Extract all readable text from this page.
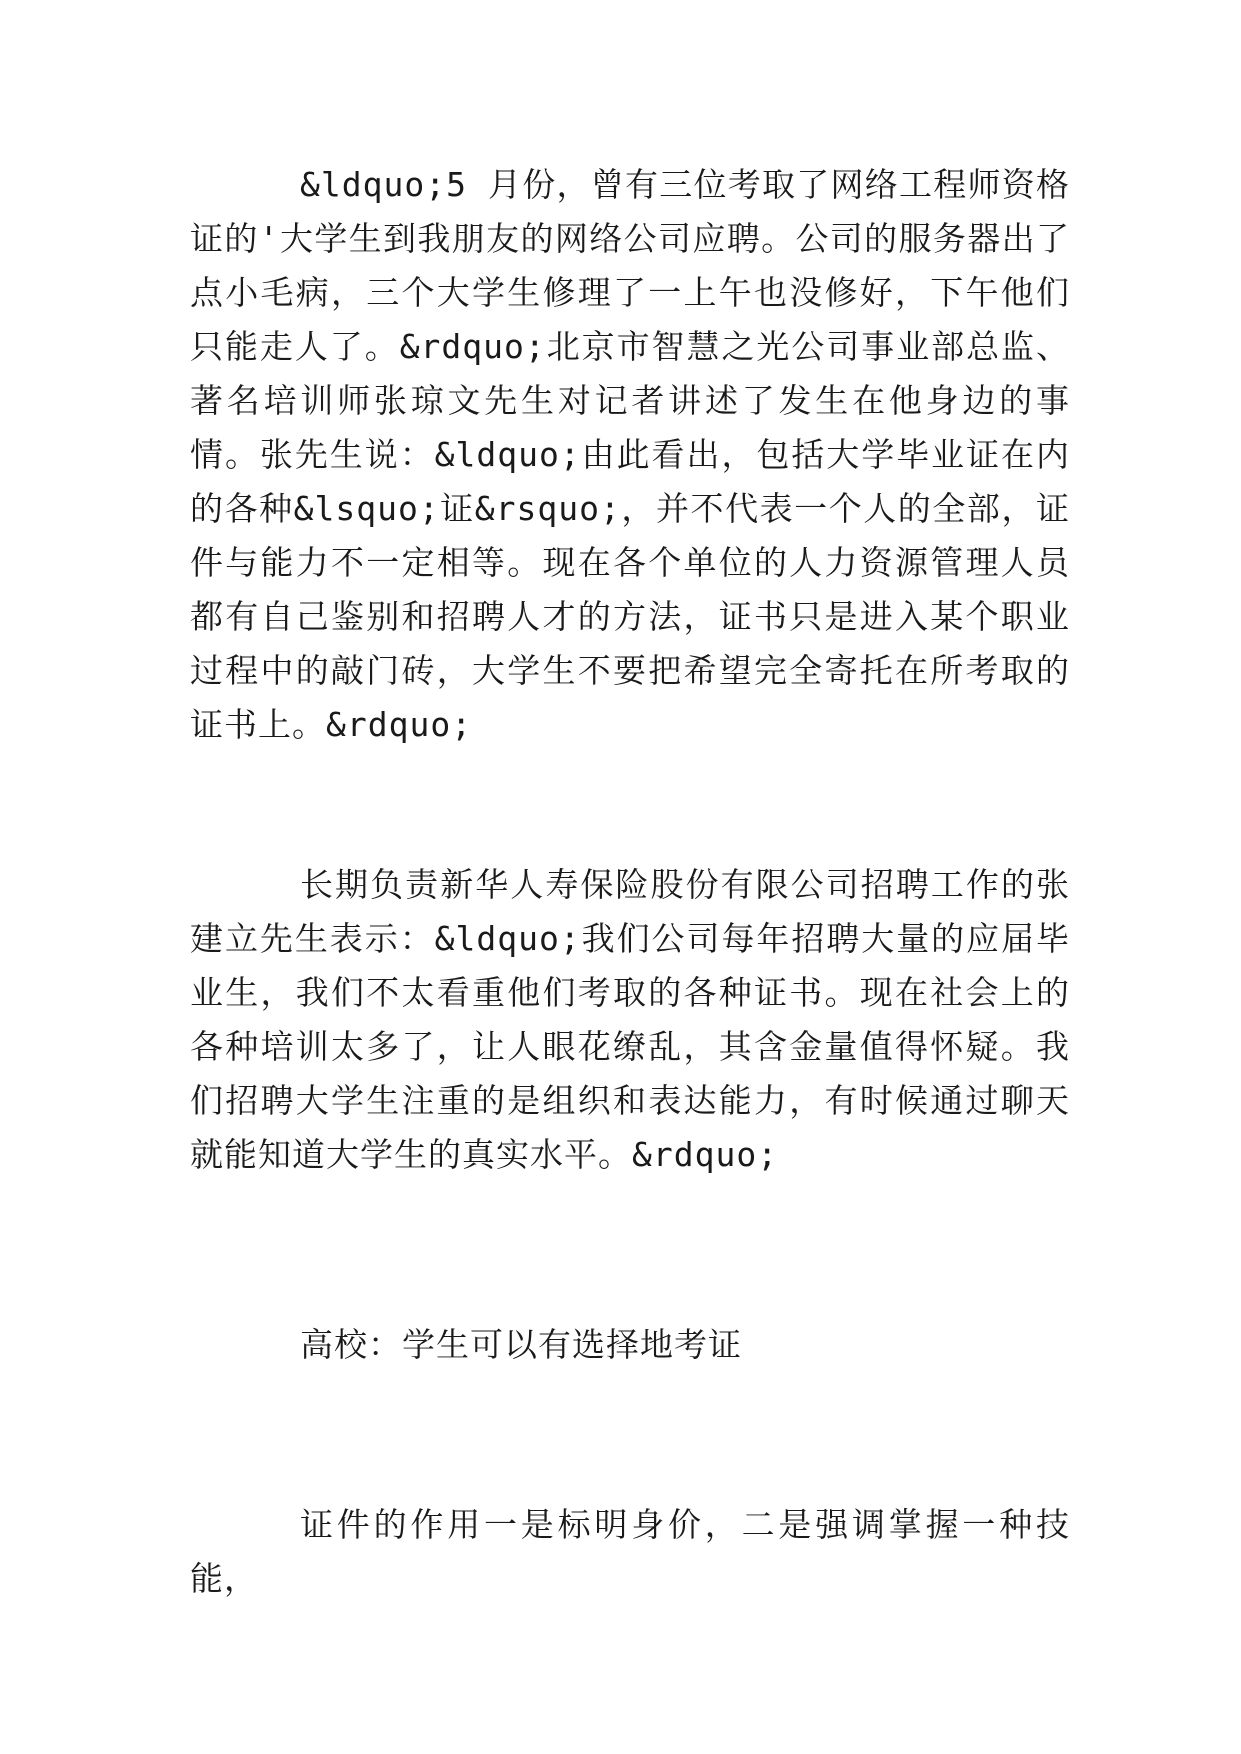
&ldquo;5 月份，曾有三位考取了网络工程师资格证的'大学生到我朋友的网络公司应聘。公司的服务器出了点小毛病，三个大学生修理了一上午也没修好，下午他们只能走人了。&rdquo;北京市智慧之光公司事业部总监、著名培训师张琼文先生对记者讲述了发生在他身边的事情。张先生说：&ldquo;由此看出，包括大学毕业证在内的各种&lsquo;证&rsquo;，并不代表一个人的全部，证件与能力不一定相等。现在各个单位的人力资源管理人员都有自己鉴别和招聘人才的方法，证书只是进入某个职业过程中的敲门砖，大学生不要把希望完全寄托在所考取的证书上。&rdquo;

长期负责新华人寿保险股份有限公司招聘工作的张建立先生表示：&ldquo;我们公司每年招聘大量的应届毕业生，我们不太看重他们考取的各种证书。现在社会上的各种培训太多了，让人眼花缭乱，其含金量值得怀疑。我们招聘大学生注重的是组织和表达能力，有时候通过聊天就能知道大学生的真实水平。&rdquo;

高校：学生可以有选择地考证

证件的作用一是标明身价，二是强调掌握一种技能，
